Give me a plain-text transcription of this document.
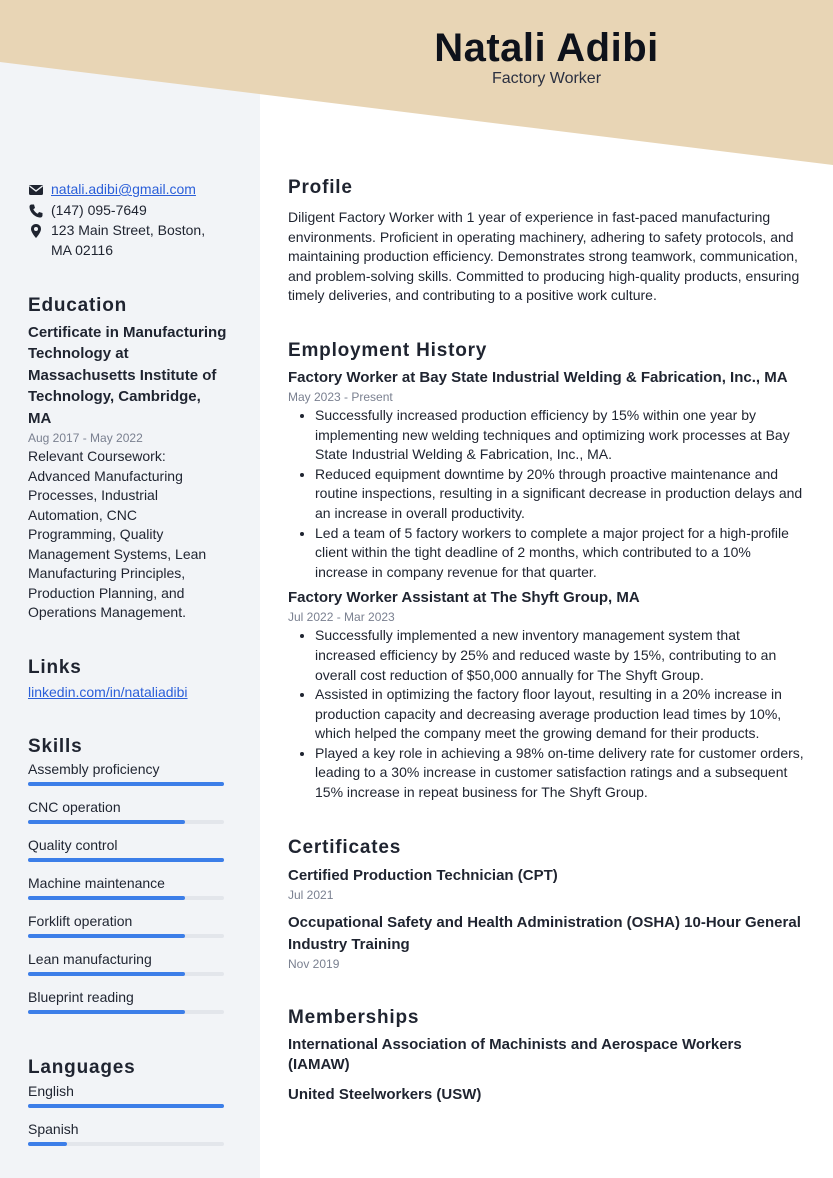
Natali Adibi
Factory Worker
natali.adibi@gmail.com
(147) 095-7649
123 Main Street, Boston, MA 02116
Education
Certificate in Manufacturing Technology at Massachusetts Institute of Technology, Cambridge, MA
Aug 2017 - May 2022

Relevant Coursework: Advanced Manufacturing Processes, Industrial Automation, CNC Programming, Quality Management Systems, Lean Manufacturing Principles, Production Planning, and Operations Management.

Links
linkedin.com/in/nataliadibi
Skills
Assembly proficiency
CNC operation
Quality control
Machine maintenance
Forklift operation
Lean manufacturing
Blueprint reading
Languages
English
Spanish
Profile

Diligent Factory Worker with 1 year of experience in fast-paced manufacturing environments. Proficient in operating machinery, adhering to safety protocols, and maintaining production efficiency. Demonstrates strong teamwork, communication, and problem-solving skills. Committed to producing high-quality products, ensuring timely deliveries, and contributing to a positive work culture.

Employment History
Factory Worker at Bay State Industrial Welding & Fabrication, Inc., MA
May 2023 - Present
• Successfully increased production efficiency by 15% within one year by implementing new welding techniques and optimizing work processes at Bay State Industrial Welding & Fabrication, Inc., MA.
• Reduced equipment downtime by 20% through proactive maintenance and routine inspections, resulting in a significant decrease in production delays and an increase in overall productivity.
• Led a team of 5 factory workers to complete a major project for a high-profile client within the tight deadline of 2 months, which contributed to a 10% increase in company revenue for that quarter.
Factory Worker Assistant at The Shyft Group, MA
Jul 2022 - Mar 2023
• Successfully implemented a new inventory management system that increased efficiency by 25% and reduced waste by 15%, contributing to an overall cost reduction of $50,000 annually for The Shyft Group.
• Assisted in optimizing the factory floor layout, resulting in a 20% increase in production capacity and decreasing average production lead times by 10%, which helped the company meet the growing demand for their products.
• Played a key role in achieving a 98% on-time delivery rate for customer orders, leading to a 30% increase in customer satisfaction ratings and a subsequent 15% increase in repeat business for The Shyft Group.
Certificates
Certified Production Technician (CPT)
Jul 2021
Occupational Safety and Health Administration (OSHA) 10-Hour General Industry Training
Nov 2019
Memberships
International Association of Machinists and Aerospace Workers (IAMAW)
United Steelworkers (USW)
